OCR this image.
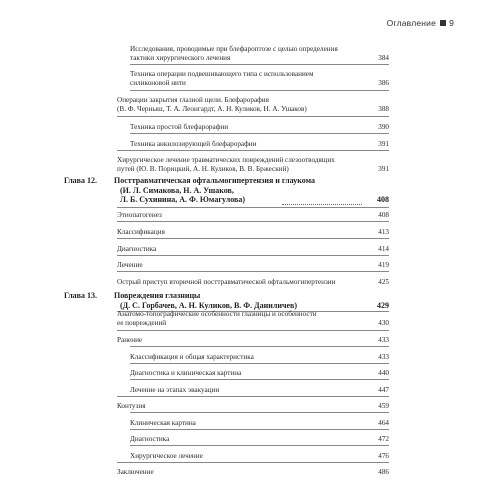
Оглавление 9
Исследования, проводимые при блефароптозе с целью определения
тактики хирургического лечения	384
Техника операции подвешивающего типа с использованием
силиконовой нити	386
Операции закрытия глазной щели. Блефарорафия
(В. Ф. Черныш, Т. А. Леонгардт, А. Н. Куликов, Н. А. Ушаков)	388
Техника простой блефарорафии	390
Техника анкилозирующей блефарорафии	391
Хирургическое лечение травматических повреждений слезоотводящих
путей (Ю. В. Порицкий, А. Н. Куликов, В. В. Бржеский)	391
Глава 12. Посттравматическая офтальмогипертензия и глаукома
(И. Л. Симакова, Н. А. Ушаков,
Л. Б. Сухинина, А. Ф. Юмагулова)	408
Этиопатогенез	408
Классификация	413
Диагностика	414
Лечение	419
Острый приступ вторичной посттравматической офтальмогипертензии	425
Глава 13. Повреждения глазницы
(Д. С. Горбачев, А. Н. Куликов, В. Ф. Даниличев)	429
Анатомо-топографические особенности глазницы и особенности
ее повреждений	430
Ранение	433
Классификация и общая характеристика	433
Диагностика и клиническая картина	440
Лечение на этапах эвакуации	447
Контузия	459
Клиническая картина	464
Диагностика	472
Хирургическое лечение	476
Заключение	486
